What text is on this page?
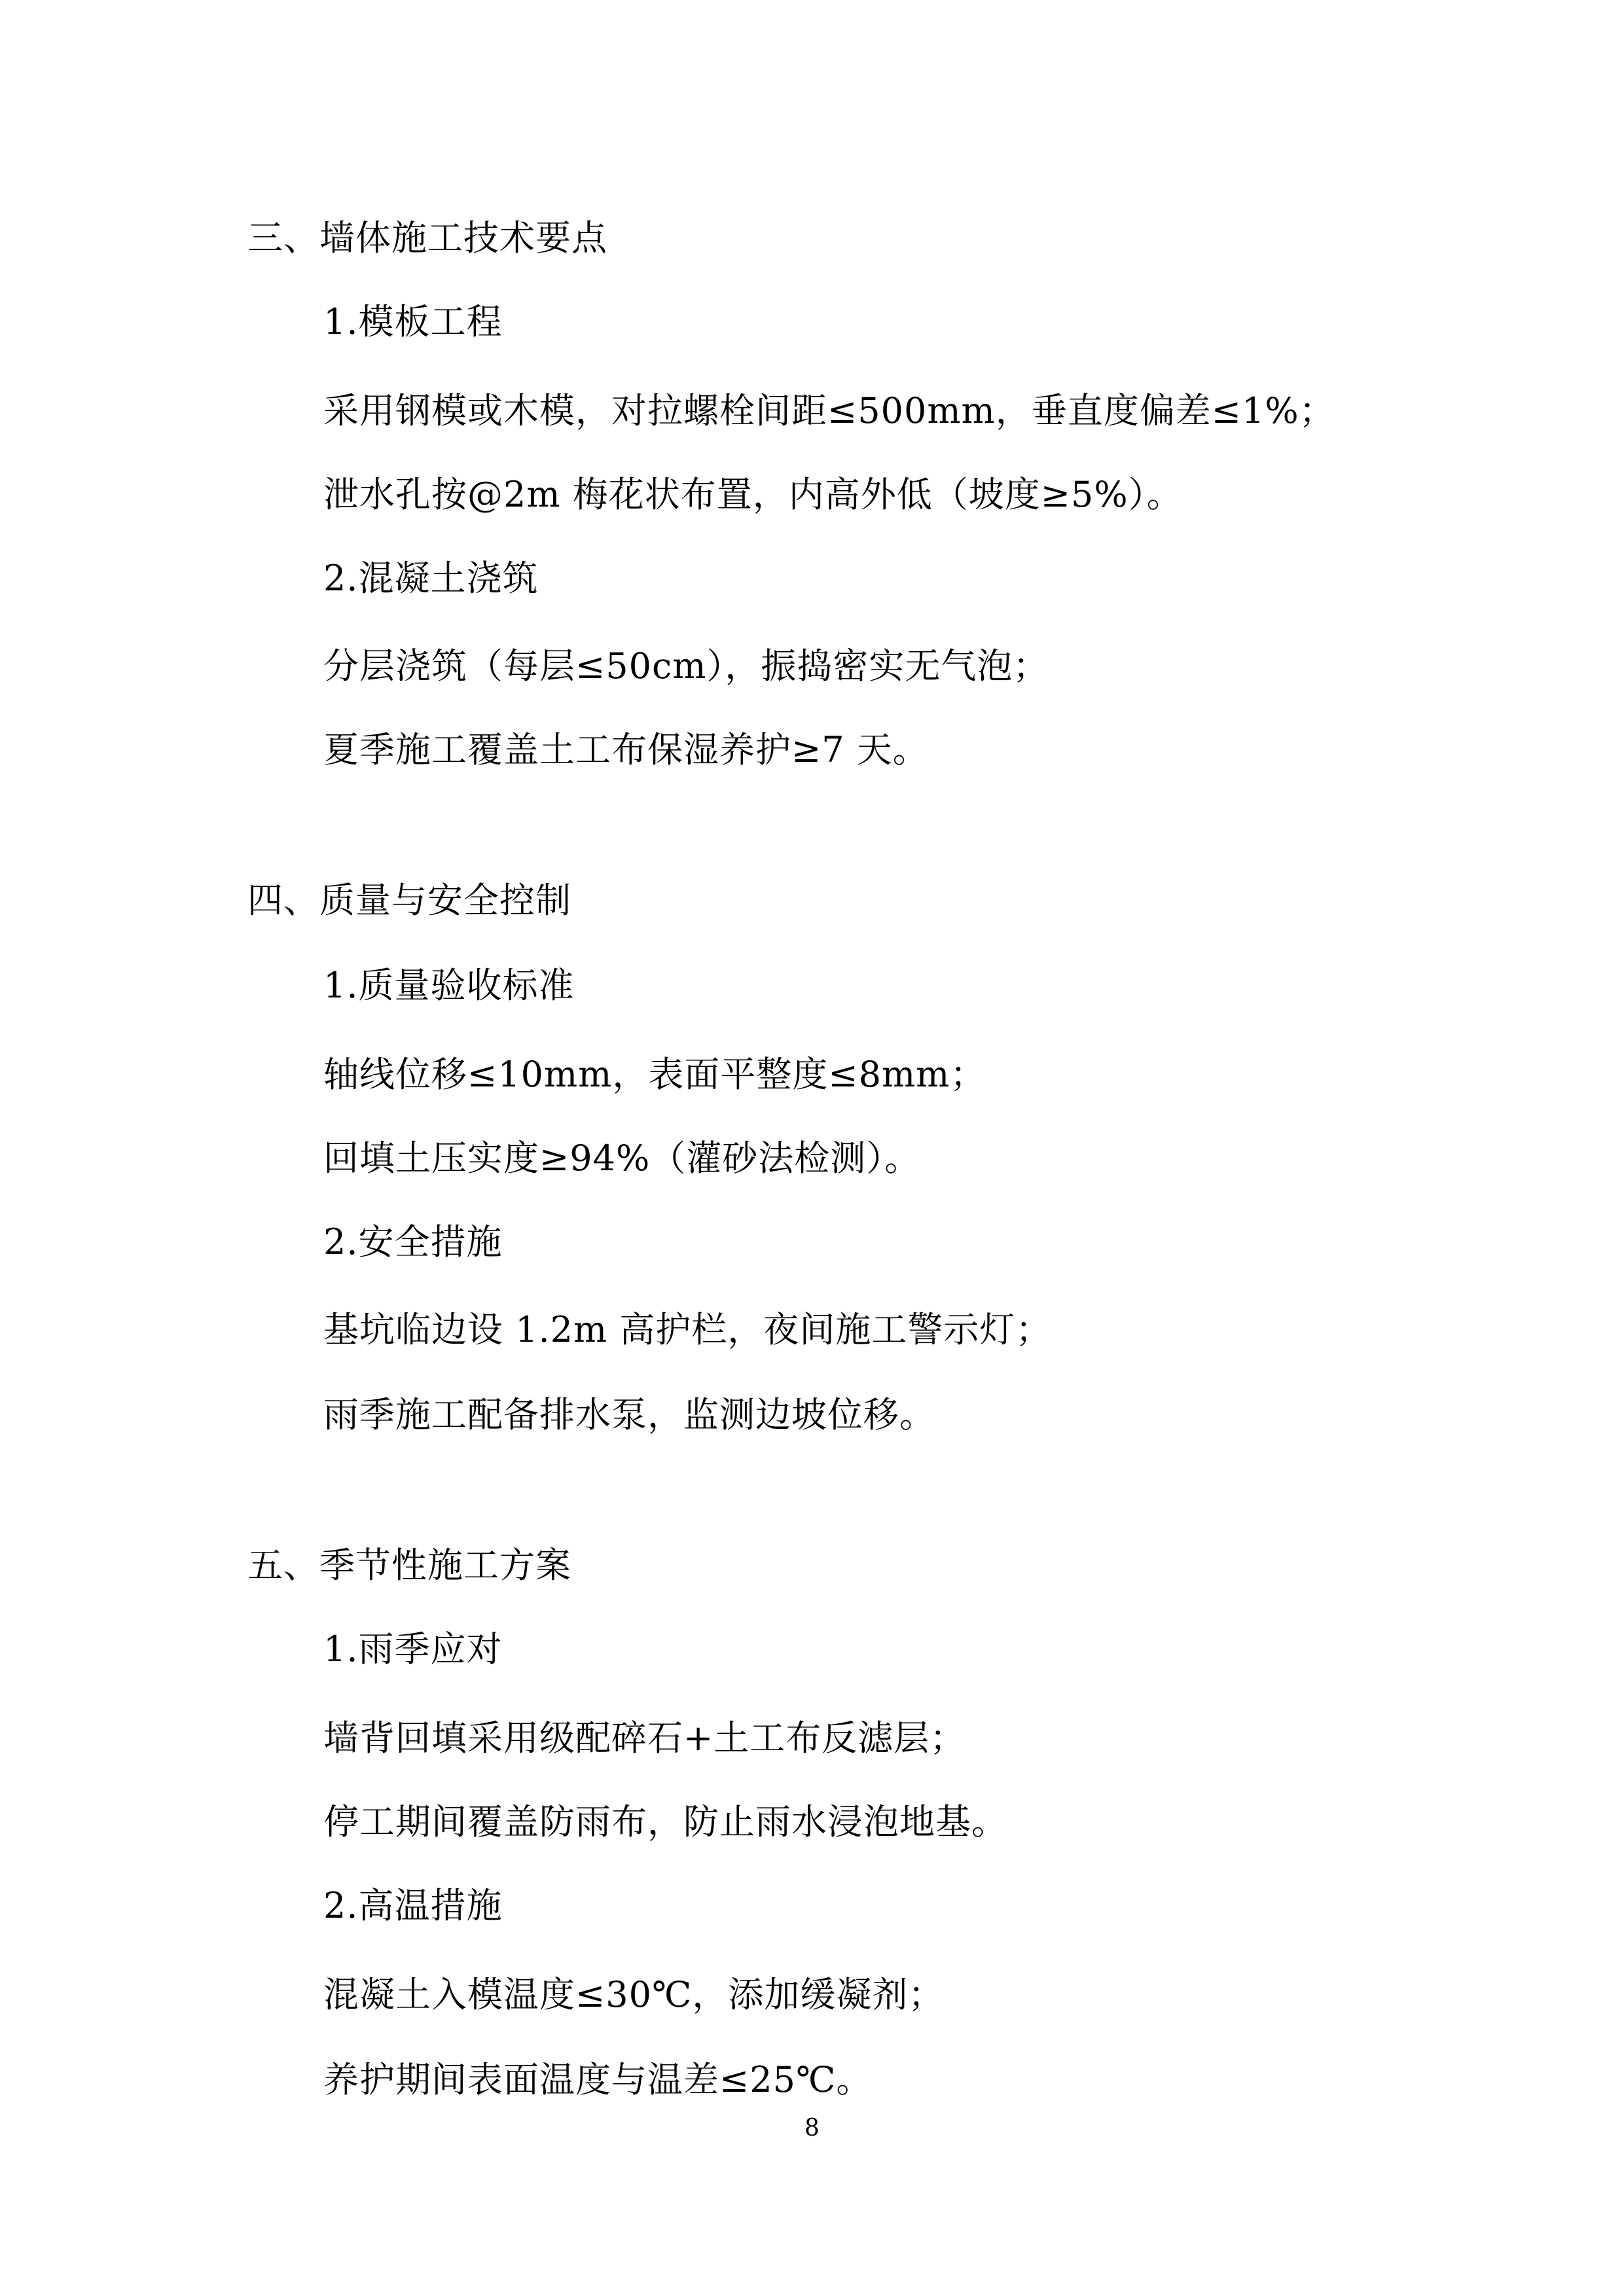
三、墙体施工技术要点
1.模板工程
采用钢模或木模，对拉螺栓间距≤500mm，垂直度偏差≤1%；
泄水孔按@2m 梅花状布置，内高外低（坡度≥5%）。
2.混凝土浇筑
分层浇筑（每层≤50cm），振捣密实无气泡；
夏季施工覆盖土工布保湿养护≥7 天。
四、质量与安全控制
1.质量验收标准
轴线位移≤10mm，表面平整度≤8mm；
回填土压实度≥94%（灌砂法检测）。
2.安全措施
基坑临边设 1.2m 高护栏，夜间施工警示灯；
雨季施工配备排水泵，监测边坡位移。
五、季节性施工方案
1.雨季应对
墙背回填采用级配碎石+土工布反滤层；
停工期间覆盖防雨布，防止雨水浸泡地基。
2.高温措施
混凝土入模温度≤30℃，添加缓凝剂；
养护期间表面温度与温差≤25℃。
8
